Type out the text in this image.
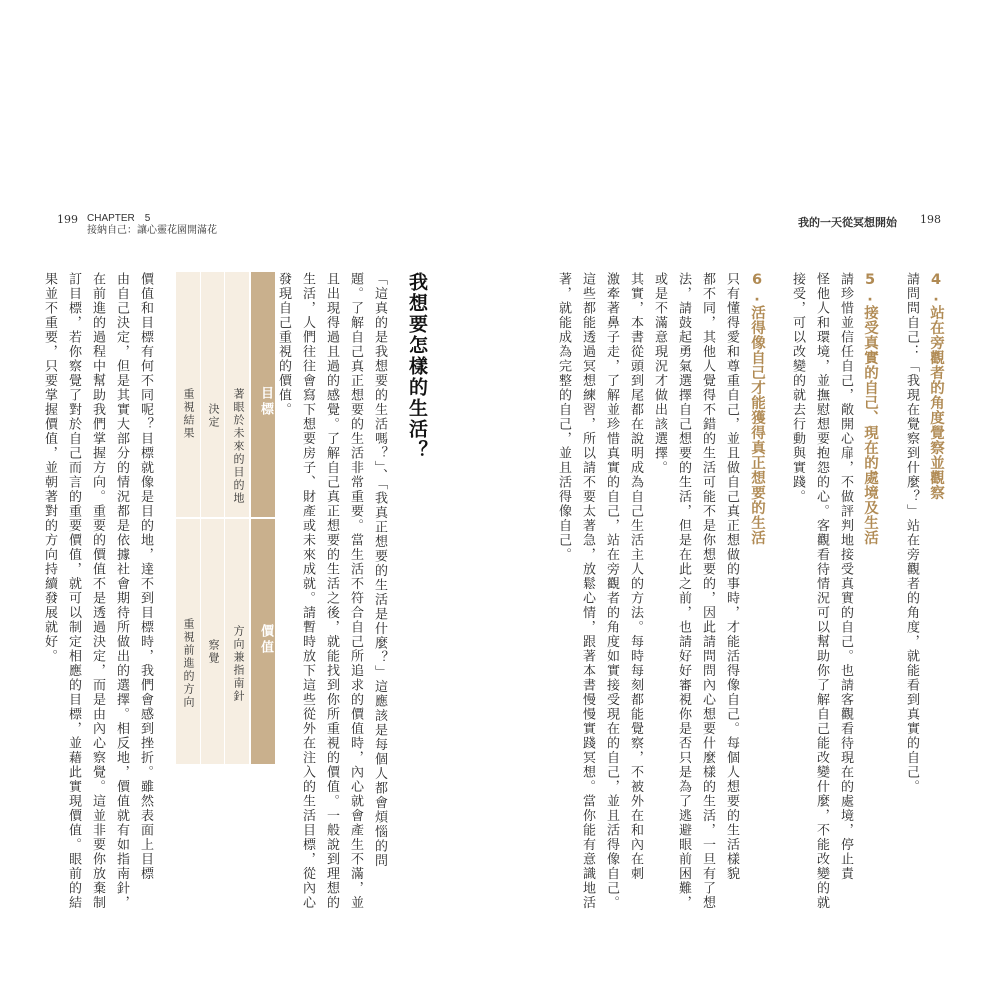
199 CHAPTER　5
接納自己：讓心靈花園開滿花
我的一天從冥想開始 198
4.站在旁觀者的角度覺察並觀察
請問問自己：「我現在覺察到什麼？」站在旁觀者的角度，就能看到真實的自己。
5.接受真實的自己、現在的處境及生活
請珍惜並信任自己，敞開心扉，不做評判地接受真實的自己。也請客觀看待現在的處境，停止責
怪他人和環境，並撫慰想要抱怨的心。客觀看待情況可以幫助你了解自己能改變什麼，不能改變的就
接受，可以改變的就去行動與實踐。
6.活得像自己才能獲得真正想要的生活
只有懂得愛和尊重自己，並且做自己真正想做的事時，才能活得像自己。每個人想要的生活樣貌
都不同，其他人覺得不錯的生活可能不是你想要的，因此請問問內心想要什麼樣的生活，一旦有了想
法，請鼓起勇氣選擇自己想要的生活，但是在此之前，也請好好審視你是否只是為了逃避眼前困難，
或是不滿意現況才做出該選擇。
其實，本書從頭到尾都在說明成為自己生活主人的方法。每時每刻都能覺察，不被外在和內在刺
激牽著鼻子走，了解並珍惜真實的自己，站在旁觀者的角度如實接受現在的自己，並且活得像自己。
這些都能透過冥想練習，所以請不要太著急，放鬆心情，跟著本書慢慢實踐冥想。當你能有意識地活
著，就能成為完整的自己，並且活得像自己。
我想要怎樣的生活？
「這真的是我想要的生活嗎？」、「我真正想要的生活是什麼？」這應該是每個人都會煩惱的問
題。了解自己真正想要的生活非常重要。當生活不符合自己所追求的價值時，內心就會產生不滿，並
且出現得過且過的感覺。了解自己真正想要的生活之後，就能找到你所重視的價值。一般說到理想的
生活，人們往往會寫下想要房子、財產或未來成就。請暫時放下這些從外在注入的生活目標，從內心
發現自己重視的價值。
目標
著眼於未來的目的地
決定
重視結果
價值
方向兼指南針
察覺
重視前進的方向
價值和目標有何不同呢？目標就像是目的地，達不到目標時，我們會感到挫折。雖然表面上目標
由自己決定，但是其實大部分的情況都是依據社會期待所做出的選擇。相反地，價值就有如指南針，
在前進的過程中幫助我們掌握方向。重要的價值不是透過決定，而是由內心察覺。這並非要你放棄制
訂目標，若你察覺了對於自己而言的重要價值，就可以制定相應的目標，並藉此實現價值。眼前的結
果並不重要，只要掌握價值，並朝著對的方向持續發展就好。
